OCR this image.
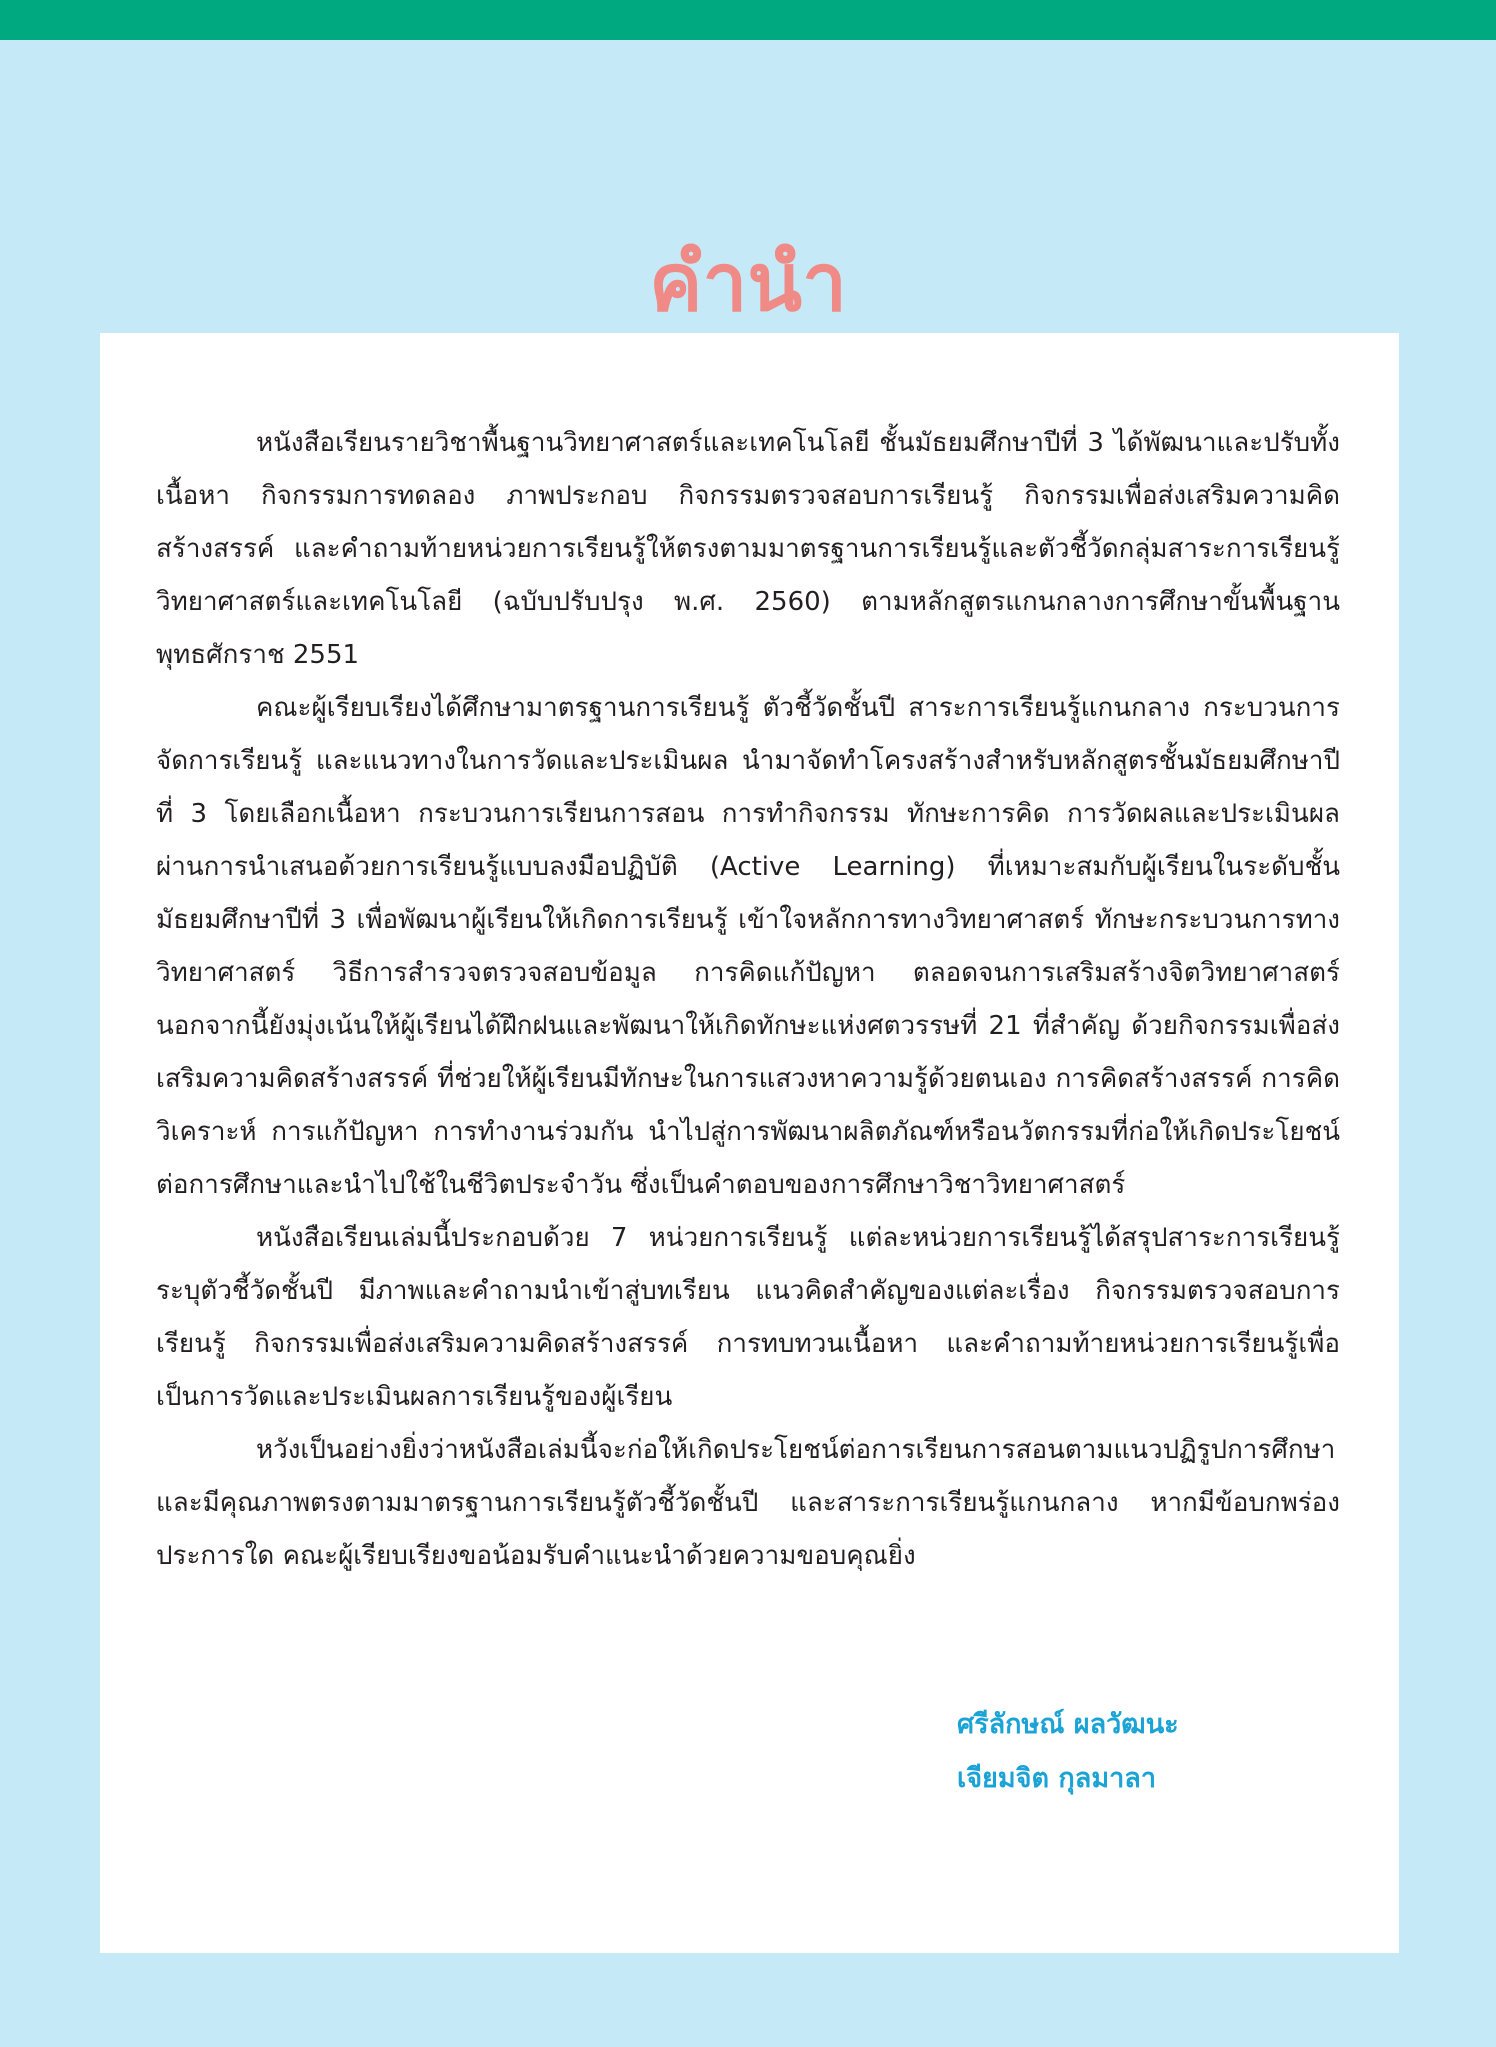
คำนำ

หนังสือเรียนรายวิชาพื้นฐานวิทยาศาสตร์และเทคโนโลยี ชั้นมัธยมศึกษาปีที่ 3 ได้พัฒนาและปรับทั้งเนื้อหา กิจกรรมการทดลอง ภาพประกอบ กิจกรรมตรวจสอบการเรียนรู้ กิจกรรมเพื่อส่งเสริมความคิดสร้างสรรค์ และคำถามท้ายหน่วยการเรียนรู้ให้ตรงตามมาตรฐานการเรียนรู้และตัวชี้วัดกลุ่มสาระการเรียนรู้วิทยาศาสตร์และเทคโนโลยี (ฉบับปรับปรุง พ.ศ. 2560) ตามหลักสูตรแกนกลางการศึกษาขั้นพื้นฐาน พุทธศักราช 2551

คณะผู้เรียบเรียงได้ศึกษามาตรฐานการเรียนรู้ ตัวชี้วัดชั้นปี สาระการเรียนรู้แกนกลาง กระบวนการจัดการเรียนรู้ และแนวทางในการวัดและประเมินผล นำมาจัดทำโครงสร้างสำหรับหลักสูตรชั้นมัธยมศึกษาปีที่ 3 โดยเลือกเนื้อหา กระบวนการเรียนการสอน การทำกิจกรรม ทักษะการคิด การวัดผลและประเมินผล ผ่านการนำเสนอด้วยการเรียนรู้แบบลงมือปฏิบัติ (Active Learning) ที่เหมาะสมกับผู้เรียนในระดับชั้นมัธยมศึกษาปีที่ 3 เพื่อพัฒนาผู้เรียนให้เกิดการเรียนรู้ เข้าใจหลักการทางวิทยาศาสตร์ ทักษะกระบวนการทางวิทยาศาสตร์ วิธีการสำรวจตรวจสอบข้อมูล การคิดแก้ปัญหา ตลอดจนการเสริมสร้างจิตวิทยาศาสตร์ นอกจากนี้ยังมุ่งเน้นให้ผู้เรียนได้ฝึกฝนและพัฒนาให้เกิดทักษะแห่งศตวรรษที่ 21 ที่สำคัญ ด้วยกิจกรรมเพื่อส่งเสริมความคิดสร้างสรรค์ ที่ช่วยให้ผู้เรียนมีทักษะในการแสวงหาความรู้ด้วยตนเอง การคิดสร้างสรรค์ การคิดวิเคราะห์ การแก้ปัญหา การทำงานร่วมกัน นำไปสู่การพัฒนาผลิตภัณฑ์หรือนวัตกรรมที่ก่อให้เกิดประโยชน์ต่อการศึกษาและนำไปใช้ในชีวิตประจำวัน ซึ่งเป็นคำตอบของการศึกษาวิชาวิทยาศาสตร์

หนังสือเรียนเล่มนี้ประกอบด้วย 7 หน่วยการเรียนรู้ แต่ละหน่วยการเรียนรู้ได้สรุปสาระการเรียนรู้ ระบุตัวชี้วัดชั้นปี มีภาพและคำถามนำเข้าสู่บทเรียน แนวคิดสำคัญของแต่ละเรื่อง กิจกรรมตรวจสอบการเรียนรู้ กิจกรรมเพื่อส่งเสริมความคิดสร้างสรรค์ การทบทวนเนื้อหา และคำถามท้ายหน่วยการเรียนรู้เพื่อเป็นการวัดและประเมินผลการเรียนรู้ของผู้เรียน

หวังเป็นอย่างยิ่งว่าหนังสือเล่มนี้จะก่อให้เกิดประโยชน์ต่อการเรียนการสอนตามแนวปฏิรูปการศึกษา และมีคุณภาพตรงตามมาตรฐานการเรียนรู้ตัวชี้วัดชั้นปี และสาระการเรียนรู้แกนกลาง หากมีข้อบกพร่องประการใด คณะผู้เรียบเรียงขอน้อมรับคำแนะนำด้วยความขอบคุณยิ่ง

ศรีลักษณ์ ผลวัฒนะ
เจียมจิต กุลมาลา
